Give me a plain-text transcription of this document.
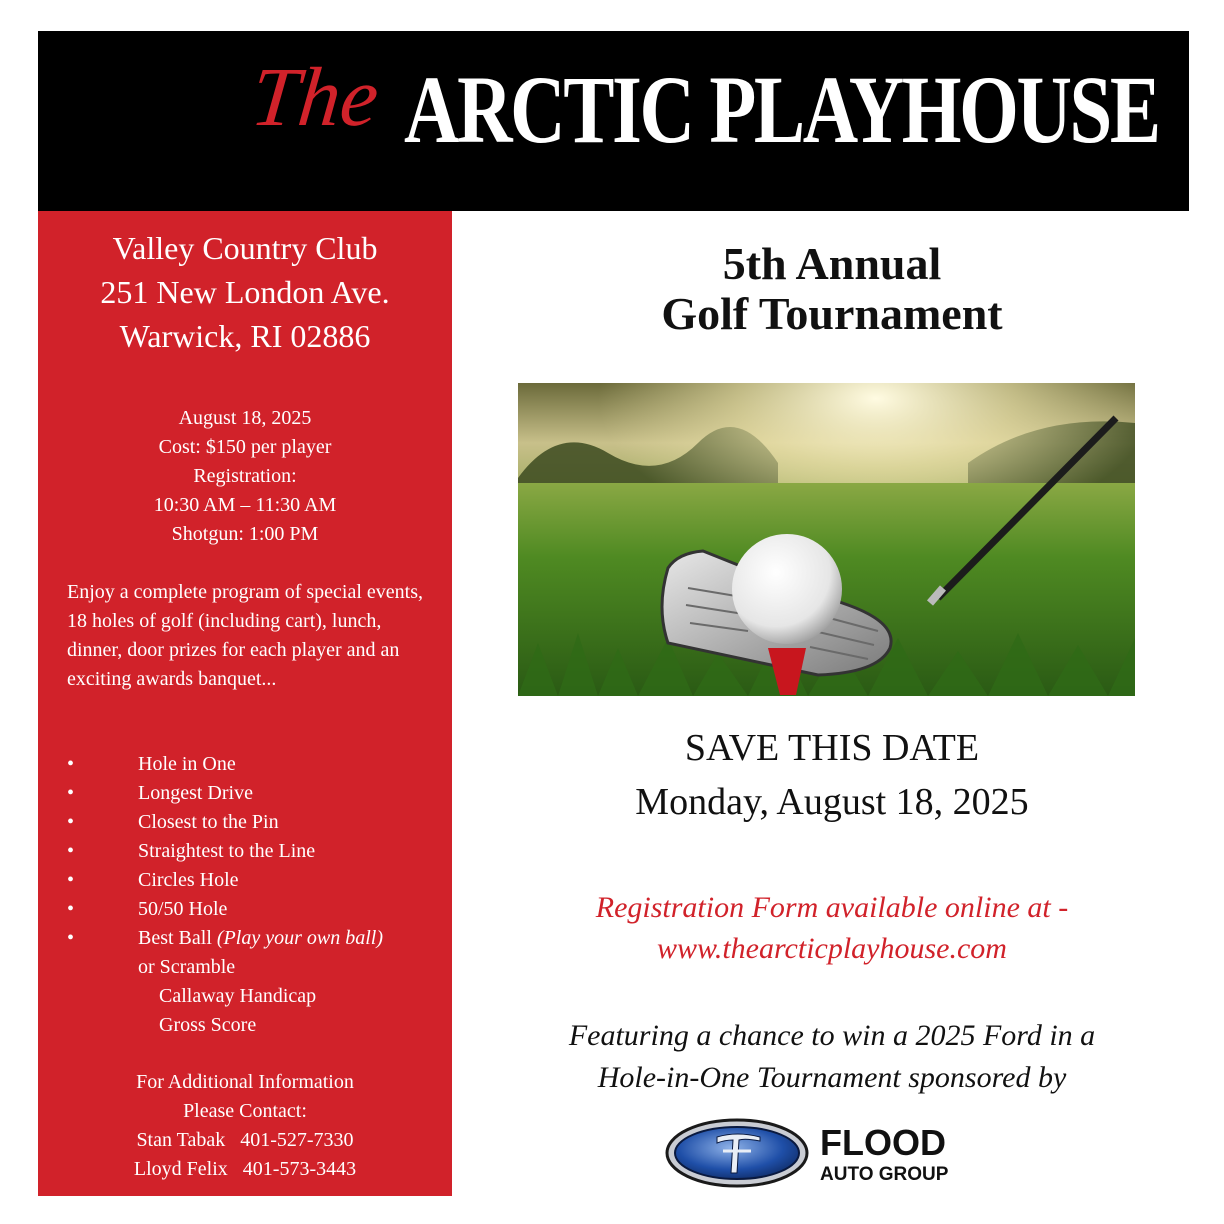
The ARCTIC PLAYHOUSE
Valley Country Club
251 New London Ave.
Warwick, RI 02886
August 18, 2025
Cost: $150 per player
Registration:
10:30 AM – 11:30 AM
Shotgun: 1:00 PM
Enjoy a complete program of special events, 18 holes of golf (including cart), lunch, dinner, door prizes for each player and an exciting awards banquet...
•	Hole in One
•	Longest Drive
•	Closest to the Pin
•	Straightest to the Line
•	Circles Hole
•	50/50 Hole
•	Best Ball (Play your own ball)
or Scramble
Callaway Handicap
Gross Score
For Additional Information
Please Contact:
Stan Tabak 401-527-7330
Lloyd Felix 401-573-3443
5th Annual
Golf Tournament
SAVE THIS DATE
Monday, August 18, 2025
Registration Form available online at -
www.thearcticplayhouse.com
Featuring a chance to win a 2025 Ford in a
Hole-in-One Tournament sponsored by
FLOOD
AUTO GROUP
